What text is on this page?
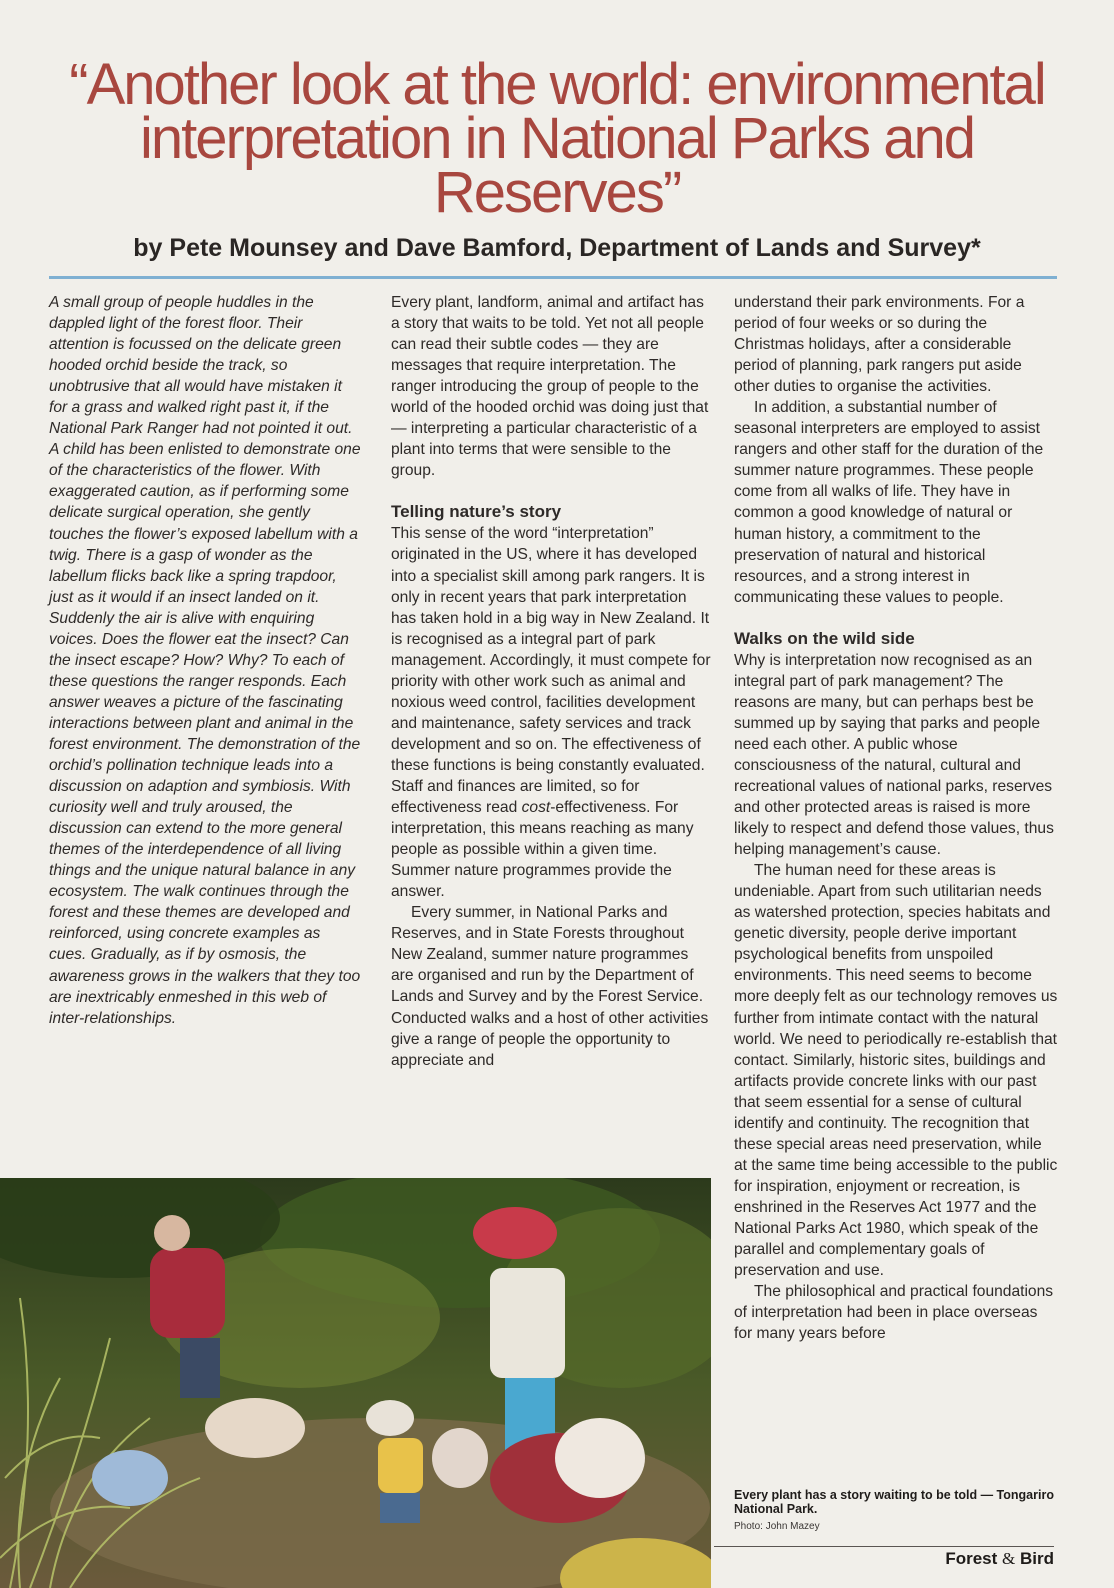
“Another look at the world: environmental interpretation in National Parks and Reserves”
by Pete Mounsey and Dave Bamford, Department of Lands and Survey*

A small group of people huddles in the dappled light of the forest floor. Their attention is focussed on the delicate green hooded orchid beside the track, so unobtrusive that all would have mistaken it for a grass and walked right past it, if the National Park Ranger had not pointed it out. A child has been enlisted to demonstrate one of the characteristics of the flower. With exaggerated caution, as if performing some delicate surgical operation, she gently touches the flower’s exposed labellum with a twig. There is a gasp of wonder as the labellum flicks back like a spring trapdoor, just as it would if an insect landed on it. Suddenly the air is alive with enquiring voices. Does the flower eat the insect? Can the insect escape? How? Why? To each of these questions the ranger responds. Each answer weaves a picture of the fascinating interactions between plant and animal in the forest environment. The demonstration of the orchid’s pollination technique leads into a discussion on adaption and symbiosis. With curiosity well and truly aroused, the discussion can extend to the more general themes of the interdependence of all living things and the unique natural balance in any ecosystem. The walk continues through the forest and these themes are developed and reinforced, using concrete examples as cues. Gradually, as if by osmosis, the awareness grows in the walkers that they too are inextricably enmeshed in this web of inter-relationships.

Every plant, landform, animal and artifact has a story that waits to be told. Yet not all people can read their subtle codes — they are messages that require interpretation. The ranger introducing the group of people to the world of the hooded orchid was doing just that — interpreting a particular characteristic of a plant into terms that were sensible to the group.

Telling nature’s story

This sense of the word “interpretation” originated in the US, where it has developed into a specialist skill among park rangers. It is only in recent years that park interpretation has taken hold in a big way in New Zealand. It is recognised as a integral part of park management. Accordingly, it must compete for priority with other work such as animal and noxious weed control, facilities development and maintenance, safety services and track development and so on. The effectiveness of these functions is being constantly evaluated. Staff and finances are limited, so for effectiveness read cost-effectiveness. For interpretation, this means reaching as many people as possible within a given time. Summer nature programmes provide the answer.

Every summer, in National Parks and Reserves, and in State Forests throughout New Zealand, summer nature programmes are organised and run by the Department of Lands and Survey and by the Forest Service. Conducted walks and a host of other activities give a range of people the opportunity to appreciate and

understand their park environments. For a period of four weeks or so during the Christmas holidays, after a considerable period of planning, park rangers put aside other duties to organise the activities.

In addition, a substantial number of seasonal interpreters are employed to assist rangers and other staff for the duration of the summer nature programmes. These people come from all walks of life. They have in common a good knowledge of natural or human history, a commitment to the preservation of natural and historical resources, and a strong interest in communicating these values to people.

Walks on the wild side

Why is interpretation now recognised as an integral part of park management? The reasons are many, but can perhaps best be summed up by saying that parks and people need each other. A public whose consciousness of the natural, cultural and recreational values of national parks, reserves and other protected areas is raised is more likely to respect and defend those values, thus helping management’s cause.

The human need for these areas is undeniable. Apart from such utilitarian needs as watershed protection, species habitats and genetic diversity, people derive important psychological benefits from unspoiled environments. This need seems to become more deeply felt as our technology removes us further from intimate contact with the natural world. We need to periodically re-establish that contact. Similarly, historic sites, buildings and artifacts provide concrete links with our past that seem essential for a sense of cultural identify and continuity. The recognition that these special areas need preservation, while at the same time being accessible to the public for inspiration, enjoyment or recreation, is enshrined in the Reserves Act 1977 and the National Parks Act 1980, which speak of the parallel and complementary goals of preservation and use.

The philosophical and practical foundations of interpretation had been in place overseas for many years before

Every plant has a story waiting to be told — Tongariro National Park.
Photo: John Mazey
Forest & Bird
